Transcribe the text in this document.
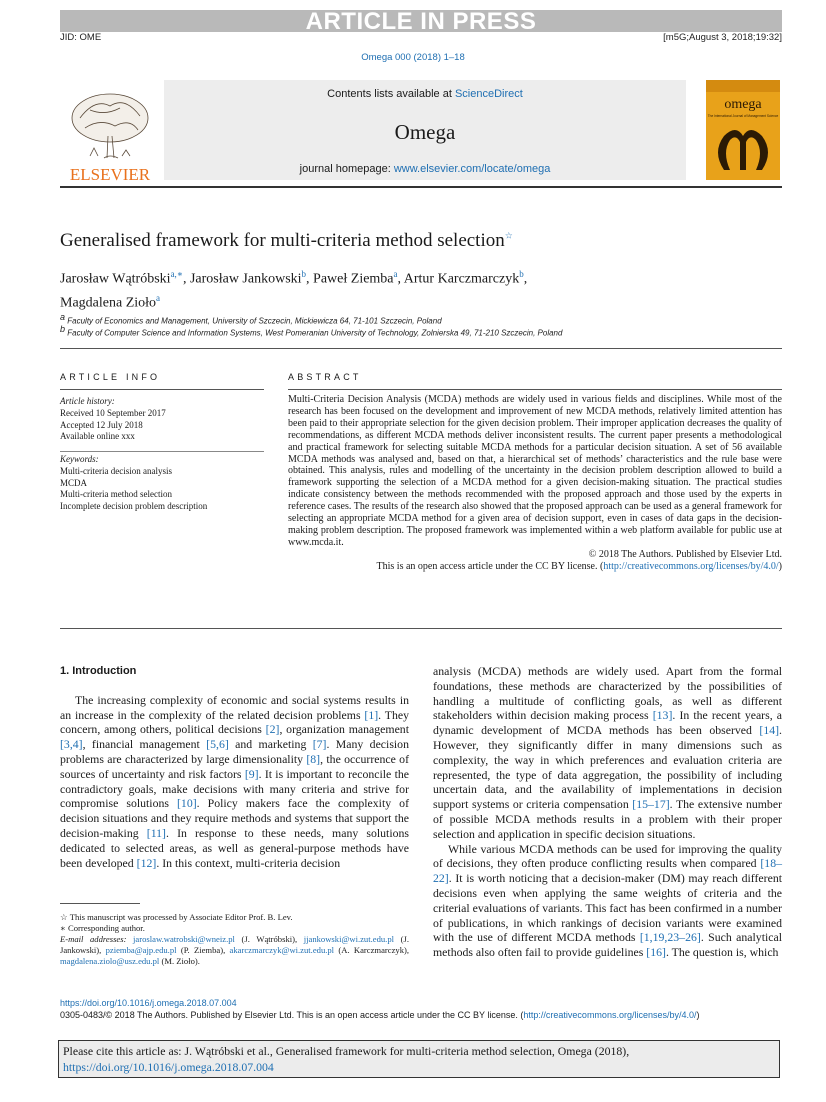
ARTICLE IN PRESS
JID: OME	[m5G;August 3, 2018;19:32]
Omega 000 (2018) 1–18
ELSEVIER
Contents lists available at ScienceDirect
Omega
journal homepage: www.elsevier.com/locate/omega
omega
The International Journal of Management Science
Generalised framework for multi-criteria method selection☆
Jarosław Wątróbski$^{a,∗}$, Jarosław Jankowski$^b$, Paweł Ziemba$^a$, Artur Karczmarczyk$^b$,
Magdalena Zioło$^a$
$^a$ Faculty of Economics and Management, University of Szczecin, Mickiewicza 64, 71-101 Szczecin, Poland
$^b$ Faculty of Computer Science and Information Systems, West Pomeranian University of Technology, Zolnierska 49, 71-210 Szczecin, Poland
ARTICLE INFO	ABSTRACT
Article history:
Received 10 September 2017
Accepted 12 July 2018
Available online xxx
Keywords:
Multi-criteria decision analysis
MCDA
Multi-criteria method selection
Incomplete decision problem description
Multi-Criteria Decision Analysis (MCDA) methods are widely used in various fields and disciplines. While most of the research has been focused on the development and improvement of new MCDA methods, relatively limited attention has been paid to their appropriate selection for the given decision problem. Their improper application decreases the quality of recommendations, as different MCDA methods deliver inconsistent results. The current paper presents a methodological and practical framework for selecting suitable MCDA methods for a particular decision situation. A set of 56 available MCDA methods was analysed and, based on that, a hierarchical set of methods’ characteristics and the rule base were obtained. This analysis, rules and modelling of the uncertainty in the decision problem description allowed to build a framework supporting the selection of a MCDA method for a given decision-making situation. The practical studies indicate consistency between the methods recommended with the proposed approach and those used by the experts in reference cases. The results of the research also showed that the proposed approach can be used as a general framework for selecting an appropriate MCDA method for a given area of decision support, even in cases of data gaps in the decision-making problem description. The proposed framework was implemented within a web platform available for public use at www.mcda.it.
© 2018 The Authors. Published by Elsevier Ltd.
This is an open access article under the CC BY license. (http://creativecommons.org/licenses/by/4.0/)
1. Introduction

The increasing complexity of economic and social systems results in an increase in the complexity of the related decision problems [1]. They concern, among others, political decisions [2], organization management [3,4], financial management [5,6] and marketing [7]. Many decision problems are characterized by large dimensionality [8], the occurrence of sources of uncertainty and risk factors [9]. It is important to reconcile the contradictory goals, make decisions with many criteria and strive for compromise solutions [10]. Policy makers face the complexity of decision situations and they require methods and systems that support the decision-making [11]. In response to these needs, many solutions dedicated to selected areas, as well as general-purpose methods have been developed [12]. In this context, multi-criteria decision

analysis (MCDA) methods are widely used. Apart from the formal foundations, these methods are characterized by the possibilities of handling a multitude of conflicting goals, as well as different stakeholders within decision making process [13]. In the recent years, a dynamic development of MCDA methods has been observed [14]. However, they significantly differ in many dimensions such as complexity, the way in which preferences and evaluation criteria are represented, the type of data aggregation, the possibility of including uncertain data, and the availability of implementations in decision support systems or criteria compensation [15–17]. The extensive number of possible MCDA methods results in a problem with their proper selection and application in specific decision situations.

While various MCDA methods can be used for improving the quality of decisions, they often produce conflicting results when compared [18–22]. It is worth noticing that a decision-maker (DM) may reach different decisions even when applying the same weights of criteria and the criterial evaluations of variants. This fact has been confirmed in a number of publications, in which rankings of decision variants were examined with the use of different MCDA methods [1,19,23–26]. Such analytical methods also often fail to provide guidelines [16]. The question is, which

☆ This manuscript was processed by Associate Editor Prof. B. Lev.

∗ Corresponding author.

E-mail addresses: jaroslaw.watrobski@wneiz.pl (J. Wątróbski), jjankowski@wi.zut.edu.pl (J. Jankowski), pziemba@ajp.edu.pl (P. Ziemba), akarczmarczyk@wi.zut.edu.pl (A. Karczmarczyk), magdalena.ziolo@usz.edu.pl (M. Zioło).

https://doi.org/10.1016/j.omega.2018.07.004
0305-0483/© 2018 The Authors. Published by Elsevier Ltd. This is an open access article under the CC BY license. (http://creativecommons.org/licenses/by/4.0/)
Please cite this article as: J. Wątróbski et al., Generalised framework for multi-criteria method selection, Omega (2018),
https://doi.org/10.1016/j.omega.2018.07.004
